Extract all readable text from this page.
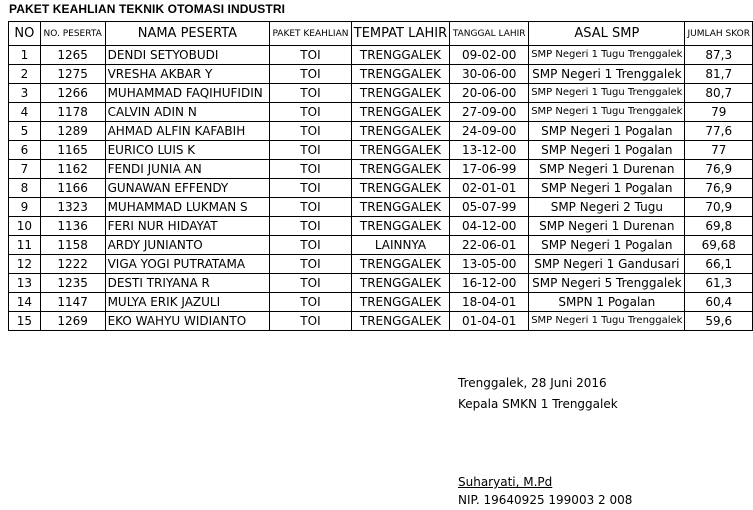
PAKET KEAHLIAN TEKNIK OTOMASI INDUSTRI
NO	NO. PESERTA	NAMA PESERTA	PAKET KEAHLIAN	TEMPAT LAHIR	TANGGAL LAHIR	ASAL SMP	JUMLAH SKOR
1	1265	DENDI SETYOBUDI	TOI	TRENGGALEK	09-02-00	SMP Negeri 1 Tugu Trenggalek	87,3
2	1275	VRESHA AKBAR Y	TOI	TRENGGALEK	30-06-00	SMP Negeri 1 Trenggalek	81,7
3	1266	MUHAMMAD FAQIHUFIDIN	TOI	TRENGGALEK	20-06-00	SMP Negeri 1 Tugu Trenggalek	80,7
4	1178	CALVIN ADIN N	TOI	TRENGGALEK	27-09-00	SMP Negeri 1 Tugu Trenggalek	79
5	1289	AHMAD ALFIN KAFABIH	TOI	TRENGGALEK	24-09-00	SMP Negeri 1 Pogalan	77,6
6	1165	EURICO LUIS K	TOI	TRENGGALEK	13-12-00	SMP Negeri 1 Pogalan	77
7	1162	FENDI JUNIA AN	TOI	TRENGGALEK	17-06-99	SMP Negeri 1 Durenan	76,9
8	1166	GUNAWAN EFFENDY	TOI	TRENGGALEK	02-01-01	SMP Negeri 1 Pogalan	76,9
9	1323	MUHAMMAD LUKMAN S	TOI	TRENGGALEK	05-07-99	SMP Negeri 2 Tugu	70,9
10	1136	FERI NUR HIDAYAT	TOI	TRENGGALEK	04-12-00	SMP Negeri 1 Durenan	69,8
11	1158	ARDY JUNIANTO	TOI	LAINNYA	22-06-01	SMP Negeri 1 Pogalan	69,68
12	1222	VIGA YOGI PUTRATAMA	TOI	TRENGGALEK	13-05-00	SMP Negeri 1 Gandusari	66,1
13	1235	DESTI TRIYANA R	TOI	TRENGGALEK	16-12-00	SMP Negeri 5 Trenggalek	61,3
14	1147	MULYA ERIK JAZULI	TOI	TRENGGALEK	18-04-01	SMPN 1 Pogalan	60,4
15	1269	EKO WAHYU WIDIANTO	TOI	TRENGGALEK	01-04-01	SMP Negeri 1 Tugu Trenggalek	59,6
Trenggalek, 28 Juni 2016
Kepala SMKN 1 Trenggalek
Suharyati, M.Pd
NIP. 19640925 199003 2 008
